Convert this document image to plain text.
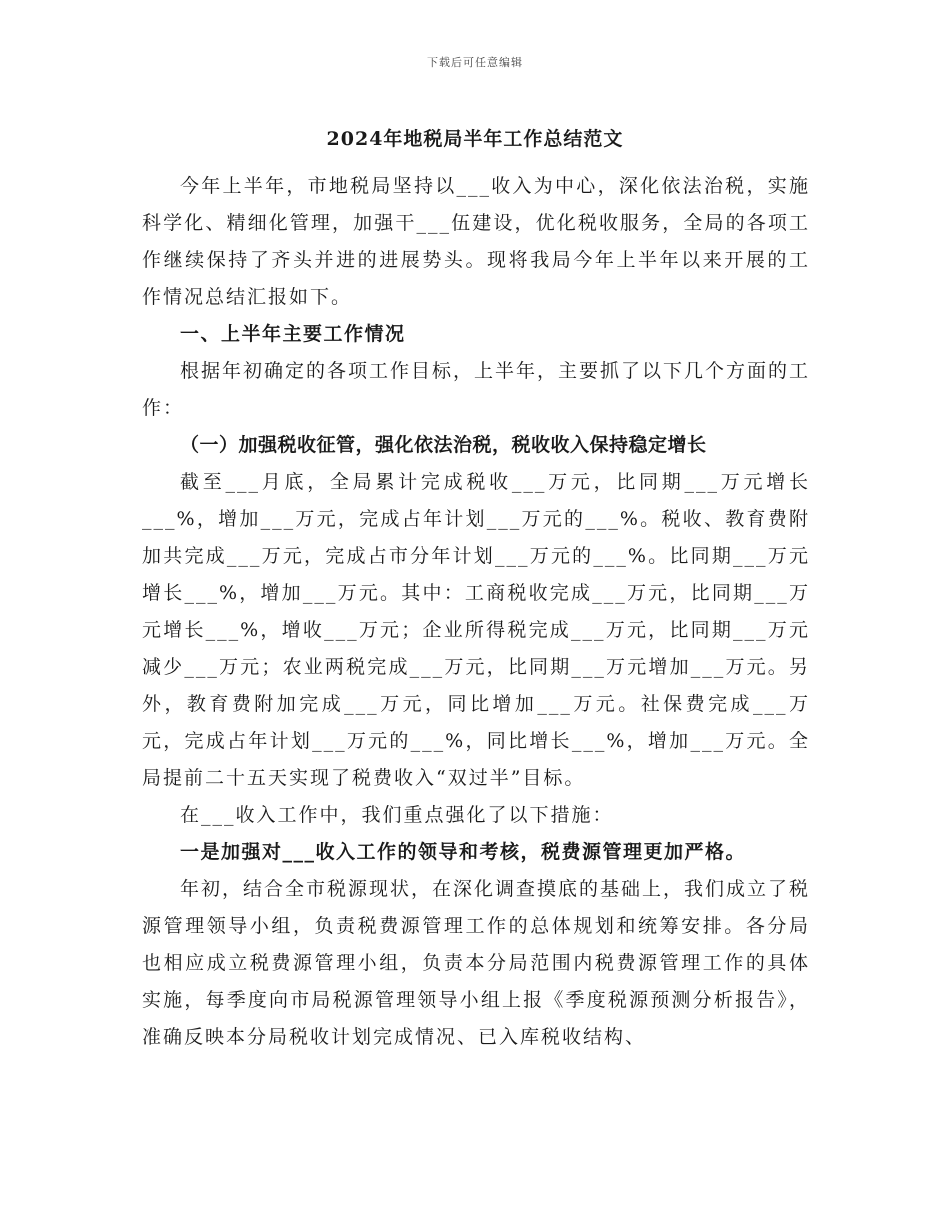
下载后可任意编辑
2024年地税局半年工作总结范文

今年上半年，市地税局坚持以___收入为中心，深化依法治税，实施科学化、精细化管理，加强干___伍建设，优化税收服务，全局的各项工作继续保持了齐头并进的进展势头。现将我局今年上半年以来开展的工作情况总结汇报如下。

一、上半年主要工作情况

根据年初确定的各项工作目标，上半年，主要抓了以下几个方面的工作：

（一）加强税收征管，强化依法治税，税收收入保持稳定增长

截至___月底，全局累计完成税收___万元，比同期___万元增长___%，增加___万元，完成占年计划___万元的___%。税收、教育费附加共完成___万元，完成占市分年计划___万元的___%。比同期___万元增长___%，增加___万元。其中：工商税收完成___万元，比同期___万元增长___%，增收___万元；企业所得税完成___万元，比同期___万元减少___万元；农业两税完成___万元，比同期___万元增加___万元。另外，教育费附加完成___万元，同比增加___万元。社保费完成___万元，完成占年计划___万元的___%，同比增长___%，增加___万元。全局提前二十五天实现了税费收入“双过半”目标。

在___收入工作中，我们重点强化了以下措施：

一是加强对___收入工作的领导和考核，税费源管理更加严格。

年初，结合全市税源现状，在深化调查摸底的基础上，我们成立了税源管理领导小组，负责税费源管理工作的总体规划和统筹安排。各分局也相应成立税费源管理小组，负责本分局范围内税费源管理工作的具体实施，每季度向市局税源管理领导小组上报《季度税源预测分析报告》，准确反映本分局税收计划完成情况、已入库税收结构、
